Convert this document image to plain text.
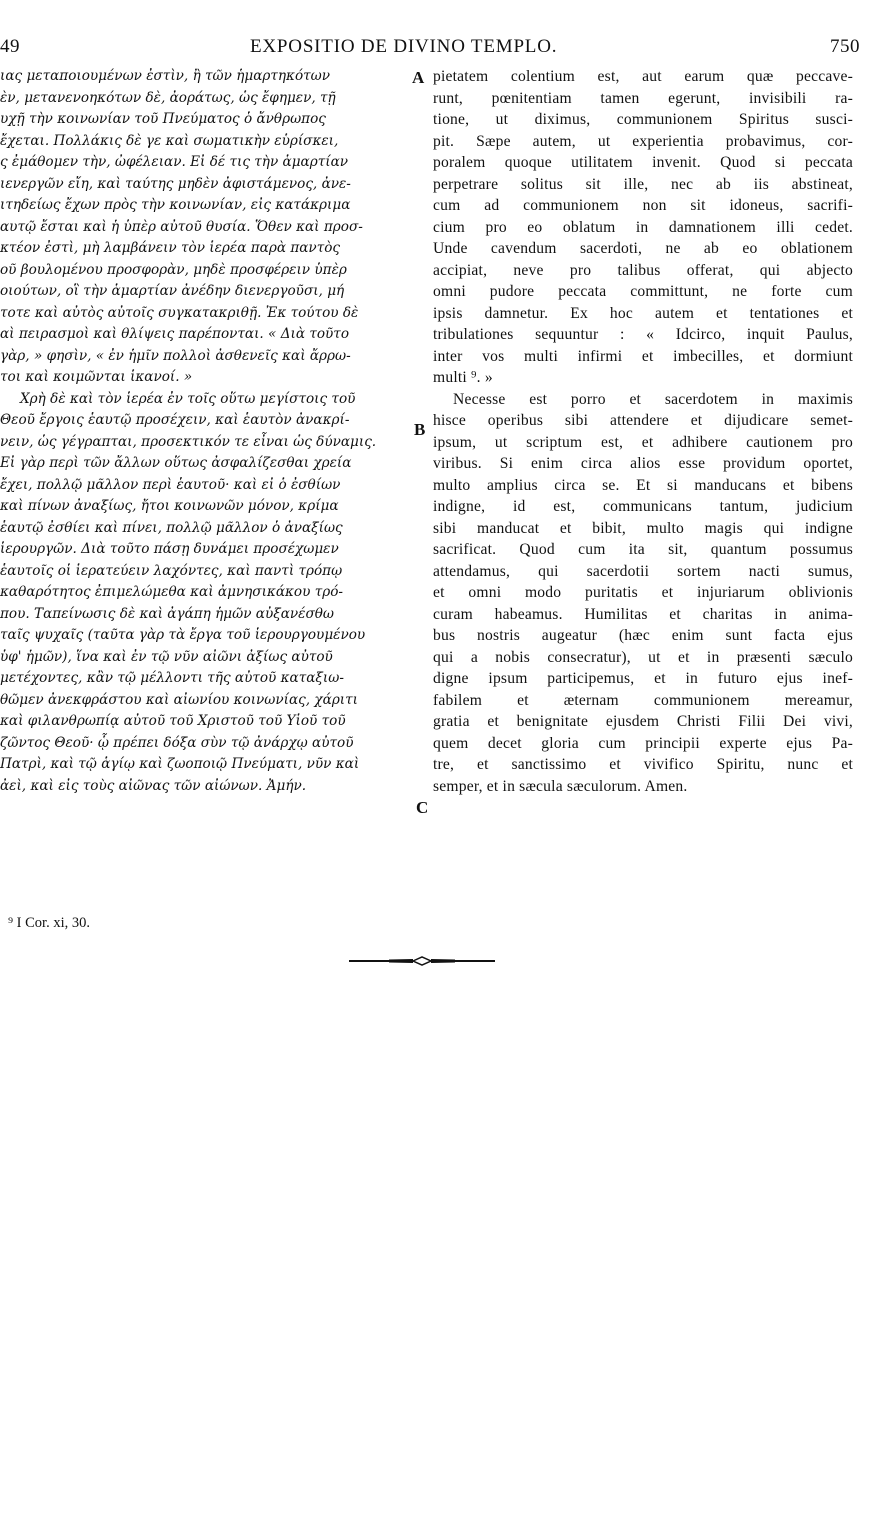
49	EXPOSITIO DE DIVINO TEMPLO.	750
ιας μεταποιουμένων ἐστὶν, ἢ τῶν ἡμαρτηκότων
ὲν, μετανενοηκότων δὲ, ἀοράτως, ὡς ἔφημεν, τῇ
υχῇ τὴν κοινωνίαν τοῦ Πνεύματος ὁ ἄνθρωπος
ἔχεται. Πολλάκις δὲ γε καὶ σωματικὴν εὑρίσκει,
ς ἐμάθομεν τὴν, ὠφέλειαν. Εἰ δέ τις τὴν ἁμαρτίαν
ιενεργῶν εἴη, καὶ ταύτης μηδὲν ἀφιστάμενος, ἀνε-
ιτηδείως ἔχων πρὸς τὴν κοινωνίαν, εἰς κατάκριμα
αυτῷ ἔσται καὶ ἡ ὑπὲρ αὐτοῦ θυσία. Ὅθεν καὶ προσ-
κτέον ἐστὶ, μὴ λαμβάνειν τὸν ἱερέα παρὰ παντὸς
οῦ βουλομένου προσφορὰν, μηδὲ προσφέρειν ὑπὲρ
οιούτων, οἳ τὴν ἁμαρτίαν ἀνέδην διενεργοῦσι, μή
τοτε καὶ αὐτὸς αὐτοῖς συγκατακριθῇ. Ἐκ τούτου δὲ
αὶ πειρασμοὶ καὶ θλίψεις παρέπονται. « Διὰ τοῦτο
γὰρ, » φησὶν, « ἐν ἡμῖν πολλοὶ ἀσθενεῖς καὶ ἄρρω-
τοι καὶ κοιμῶνται ἱκανοί. »
Χρὴ δὲ καὶ τὸν ἱερέα ἐν τοῖς οὕτω μεγίστοις τοῦ
Θεοῦ ἔργοις ἑαυτῷ προσέχειν, καὶ ἑαυτὸν ἀνακρί-
νειν, ὡς γέγραπται, προσεκτικόν τε εἶναι ὡς δύναμις.
Εἰ γὰρ περὶ τῶν ἄλλων οὕτως ἀσφαλίζεσθαι χρεία
ἔχει, πολλῷ μᾶλλον περὶ ἑαυτοῦ· καὶ εἰ ὁ ἐσθίων
καὶ πίνων ἀναξίως, ἤτοι κοινωνῶν μόνον, κρίμα
ἑαυτῷ ἐσθίει καὶ πίνει, πολλῷ μᾶλλον ὁ ἀναξίως
ἱερουργῶν. Διὰ τοῦτο πάσῃ δυνάμει προσέχωμεν
ἑαυτοῖς οἱ ἱερατεύειν λαχόντες, καὶ παντὶ τρόπῳ
καθαρότητος ἐπιμελώμεθα καὶ ἀμνησικάκου τρό-
που. Ταπείνωσις δὲ καὶ ἀγάπη ἡμῶν αὐξανέσθω
ταῖς ψυχαῖς (ταῦτα γὰρ τὰ ἔργα τοῦ ἱερουργουμένου
ὑφ' ἡμῶν), ἵνα καὶ ἐν τῷ νῦν αἰῶνι ἀξίως αὐτοῦ
μετέχοντες, κἂν τῷ μέλλοντι τῆς αὐτοῦ καταξιω-
θῶμεν ἀνεκφράστου καὶ αἰωνίου κοινωνίας, χάριτι
καὶ φιλανθρωπίᾳ αὐτοῦ τοῦ Χριστοῦ τοῦ Υἱοῦ τοῦ
ζῶντος Θεοῦ· ᾧ πρέπει δόξα σὺν τῷ ἀνάρχῳ αὐτοῦ
Πατρὶ, καὶ τῷ ἁγίῳ καὶ ζωοποιῷ Πνεύματι, νῦν καὶ
ἀεὶ, καὶ εἰς τοὺς αἰῶνας τῶν αἰώνων. Ἀμήν.
pietatem colentium est, aut earum quæ peccave-
runt, pœnitentiam tamen egerunt, invisibili ra-
tione, ut diximus, communionem Spiritus susci-
pit. Sæpe autem, ut experientia probavimus, cor-
poralem quoque utilitatem invenit. Quod si peccata
perpetrare solitus sit ille, nec ab iis abstineat,
cum ad communionem non sit idoneus, sacrifi-
cium pro eo oblatum in damnationem illi cedet.
Unde cavendum sacerdoti, ne ab eo oblationem
accipiat, neve pro talibus offerat, qui abjecto
omni pudore peccata committunt, ne forte cum
ipsis damnetur. Ex hoc autem et tentationes et
tribulationes sequuntur : « Idcirco, inquit Paulus,
inter vos multi infirmi et imbecilles, et dormiunt
multi ⁹. »
Necesse est porro et sacerdotem in maximis
hisce operibus sibi attendere et dijudicare semet-
ipsum, ut scriptum est, et adhibere cautionem pro
viribus. Si enim circa alios esse providum oportet,
multo amplius circa se. Et si manducans et bibens
indigne, id est, communicans tantum, judicium
sibi manducat et bibit, multo magis qui indigne
sacrificat. Quod cum ita sit, quantum possumus
attendamus, qui sacerdotii sortem nacti sumus,
et omni modo puritatis et injuriarum oblivionis
curam habeamus. Humilitas et charitas in anima-
bus nostris augeatur (hæc enim sunt facta ejus
qui a nobis consecratur), ut et in præsenti sæculo
digne ipsum participemus, et in futuro ejus inef-
fabilem et æternam communionem mereamur,
gratia et benignitate ejusdem Christi Filii Dei vivi,
quem decet gloria cum principii experte ejus Pa-
tre, et sanctissimo et vivifico Spiritu, nunc et
semper, et in sæcula sæculorum. Amen.
A
B
C
⁹ I Cor. xi, 30.
